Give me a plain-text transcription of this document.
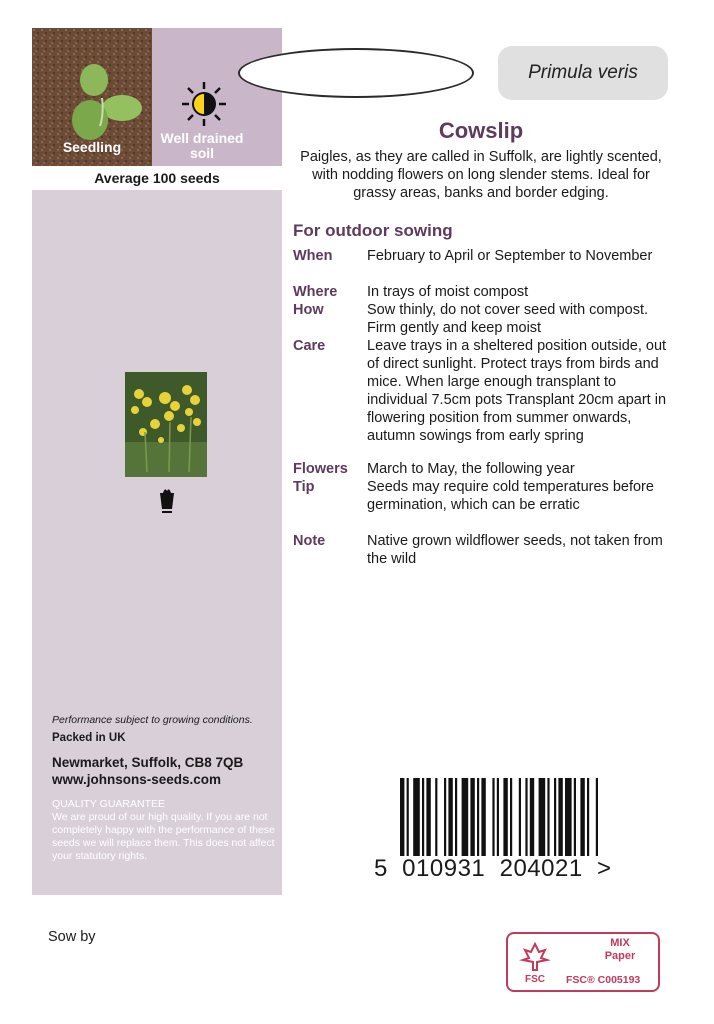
Seedling
Well drained soil
Average 100 seeds
Performance subject to growing conditions.
Packed in UK
Newmarket, Suffolk, CB8 7QB
www.johnsons-seeds.com
QUALITY GUARANTEE
We are proud of our high quality. If you are not completely happy with the performance of these seeds we will replace them. This does not affect your statutory rights.
Primula veris
Cowslip
Paigles, as they are called in Suffolk, are lightly scented, with nodding flowers on long slender stems. Ideal for grassy areas, banks and border edging.
For outdoor sowing
When	February to April or September to November
Where	In trays of moist compost
How	Sow thinly, do not cover seed with compost. Firm gently and keep moist
Care	Leave trays in a sheltered position outside, out of direct sunlight. Protect trays from birds and mice. When large enough transplant to individual 7.5cm pots Transplant 20cm apart in flowering position from summer onwards, autumn sowings from early spring
Flowers	March to May, the following year
Tip	Seeds may require cold temperatures before germination, which can be erratic
Note	Native grown wildflower seeds, not taken from the wild
5  010931  204021  >
Sow by
FSC
MIX
Paper
FSC® C005193
